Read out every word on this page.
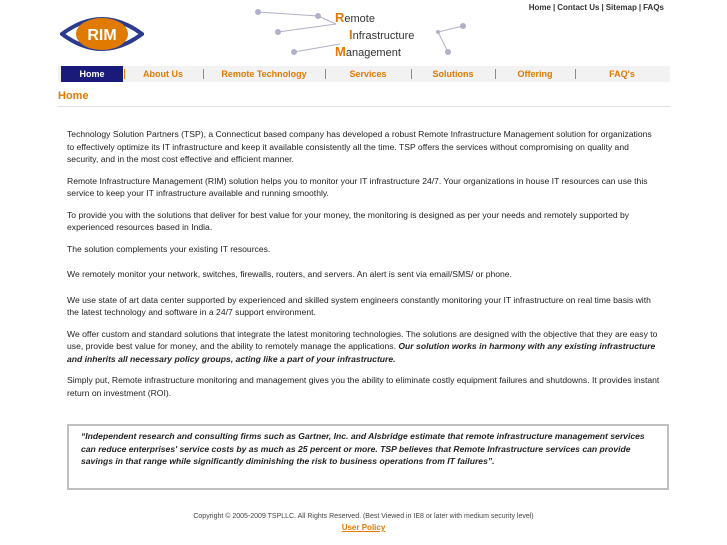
RIM
Remote
Infrastructure
Management
Home | Contact Us | Sitemap | FAQs
Home	About Us	Remote Technology	Services	Solutions	Offering	FAQ's
Home

Technology Solution Partners (TSP), a Connecticut based company has developed a robust Remote Infrastructure Management solution for organizations to effectively optimize its IT infrastructure and keep it available consistently all the time. TSP offers the services without compromising on quality and security, and in the most cost effective and efficient manner.

Remote Infrastructure Management (RIM) solution helps you to monitor your IT infrastructure 24/7. Your organizations in house IT resources can use this service to keep your IT infrastructure available and running smoothly.

To provide you with the solutions that deliver for best value for your money, the monitoring is designed as per your needs and remotely supported by experienced resources based in India.

The solution complements your existing IT resources.

We remotely monitor your network, switches, firewalls, routers, and servers. An alert is sent via email/SMS/ or phone.

We use state of art data center supported by experienced and skilled system engineers constantly monitoring your IT infrastructure on real time basis with the latest technology and software in a 24/7 support environment.

We offer custom and standard solutions that integrate the latest monitoring technologies. The solutions are designed with the objective that they are easy to use, provide best value for money, and the ability to remotely manage the applications. Our solution works in harmony with any existing infrastructure and inherits all necessary policy groups, acting like a part of your infrastructure.

Simply put, Remote infrastructure monitoring and management gives you the ability to eliminate costly equipment failures and shutdowns. It provides instant return on investment (ROI).

“Independent research and consulting firms such as Gartner, Inc. and Alsbridge estimate that remote infrastructure management services can reduce enterprises' service costs by as much as 25 percent or more. TSP believes that Remote Infrastructure services can provide savings in that range while significantly diminishing the risk to business operations from IT failures”.
Copyright © 2005-2009 TSPLLC. All Rights Reserved. (Best Viewed in IE8 or later with medium security level)
User Policy
